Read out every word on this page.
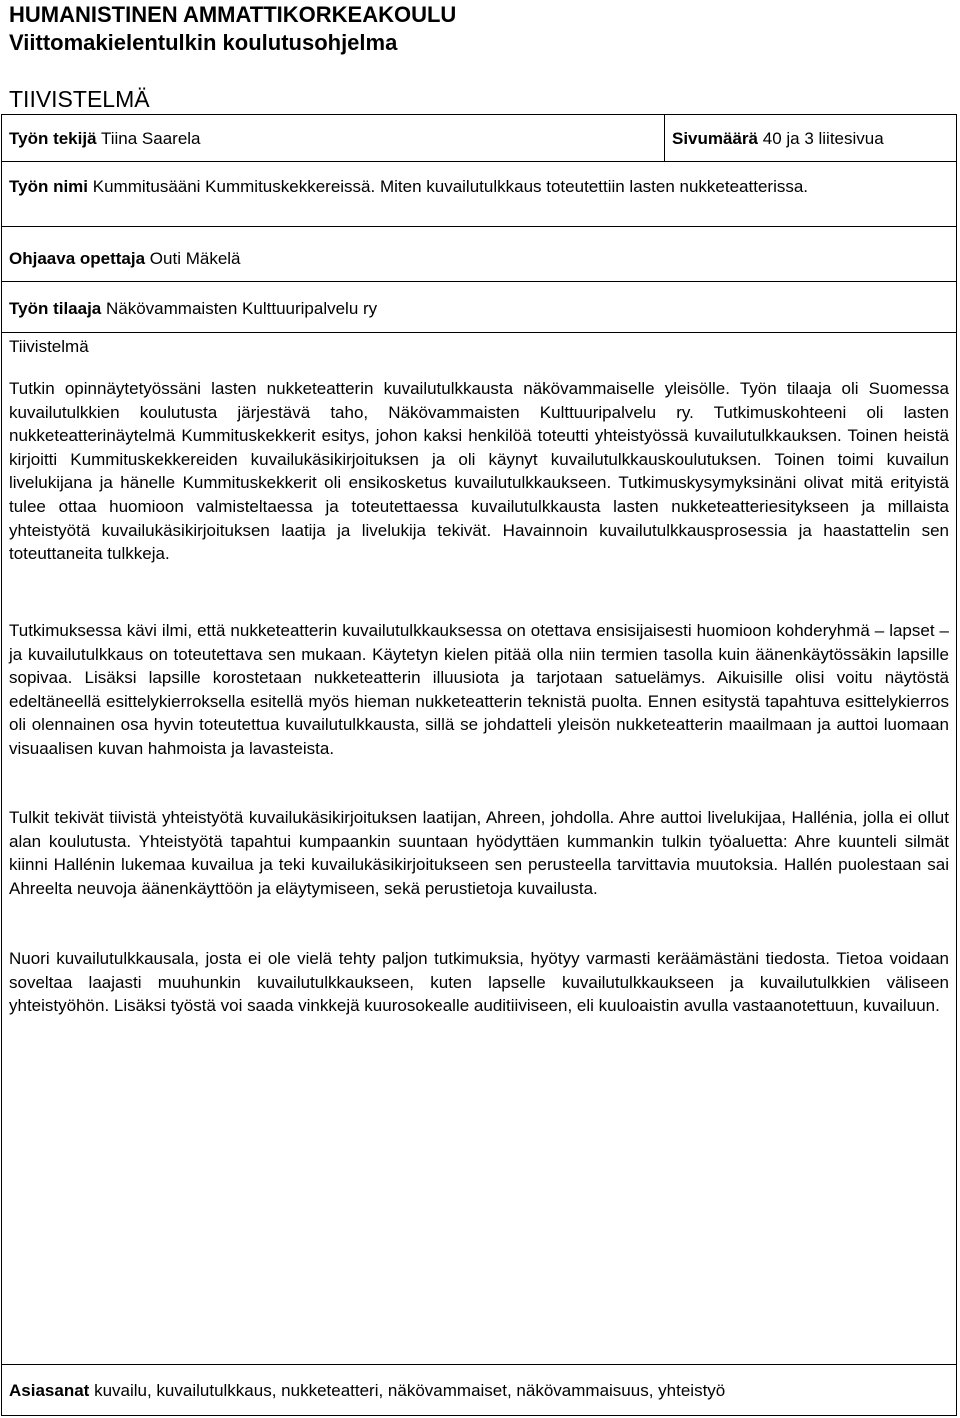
HUMANISTINEN AMMATTIKORKEAKOULU
Viittomakielentulkin koulutusohjelma
TIIVISTELMÄ
Työn tekijä Tiina Saarela	Sivumäärä 40 ja 3 liitesivua
Työn nimi Kummitusääni Kummituskekkereissä. Miten kuvailutulkkaus toteutettiin lasten nukketeatterissa.
Ohjaava opettaja Outi Mäkelä
Työn tilaaja Näkövammaisten Kulttuuripalvelu ry
Tiivistelmä

Tutkin opinnäytetyössäni lasten nukketeatterin kuvailutulkkausta näkövammaiselle yleisölle. Työn tilaaja oli Suomessa kuvailutulkkien koulutusta järjestävä taho, Näkövammaisten Kulttuuripalvelu ry. Tutkimuskohteeni oli lasten nukketeatterinäytelmä Kummituskekkerit esitys, johon kaksi henkilöä toteutti yhteistyössä kuvailutulkkauksen. Toinen heistä kirjoitti Kummituskekkereiden kuvailukäsikirjoituksen ja oli käynyt kuvailutulkkauskoulutuksen. Toinen toimi kuvailun livelukijana ja hänelle Kummituskekkerit oli ensikosketus kuvailutulkkaukseen. Tutkimuskysymyksinäni olivat mitä erityistä tulee ottaa huomioon valmisteltaessa ja toteutettaessa kuvailutulkkausta lasten nukketeatteriesitykseen ja millaista yhteistyötä kuvailukäsikirjoituksen laatija ja livelukija tekivät. Havainnoin kuvailutulkkausprosessia ja haastattelin sen toteuttaneita tulkkeja.

Tutkimuksessa kävi ilmi, että nukketeatterin kuvailutulkkauksessa on otettava ensisijaisesti huomioon kohderyhmä – lapset – ja kuvailutulkkaus on toteutettava sen mukaan. Käytetyn kielen pitää olla niin termien tasolla kuin äänenkäytössäkin lapsille sopivaa. Lisäksi lapsille korostetaan nukketeatterin illuusiota ja tarjotaan satuelämys. Aikuisille olisi voitu näytöstä edeltäneellä esittelykierroksella esitellä myös hieman nukketeatterin teknistä puolta. Ennen esitystä tapahtuva esittelykierros oli olennainen osa hyvin toteutettua kuvailutulkkausta, sillä se johdatteli yleisön nukketeatterin maailmaan ja auttoi luomaan visuaalisen kuvan hahmoista ja lavasteista.

Tulkit tekivät tiivistä yhteistyötä kuvailukäsikirjoituksen laatijan, Ahreen, johdolla. Ahre auttoi livelukijaa, Hallénia, jolla ei ollut alan koulutusta. Yhteistyötä tapahtui kumpaankin suuntaan hyödyttäen kummankin tulkin työaluetta: Ahre kuunteli silmät kiinni Hallénin lukemaa kuvailua ja teki kuvailukäsikirjoitukseen sen perusteella tarvittavia muutoksia. Hallén puolestaan sai Ahreelta neuvoja äänenkäyttöön ja eläytymiseen, sekä perustietoja kuvailusta.

Nuori kuvailutulkkausala, josta ei ole vielä tehty paljon tutkimuksia, hyötyy varmasti keräämästäni tiedosta. Tietoa voidaan soveltaa laajasti muuhunkin kuvailutulkkaukseen, kuten lapselle kuvailutulkkaukseen ja kuvailutulkkien väliseen yhteistyöhön. Lisäksi työstä voi saada vinkkejä kuurosokealle auditiiviseen, eli kuuloaistin avulla vastaanotettuun, kuvailuun.

Asiasanat kuvailu, kuvailutulkkaus, nukketeatteri, näkövammaiset, näkövammaisuus, yhteistyö
